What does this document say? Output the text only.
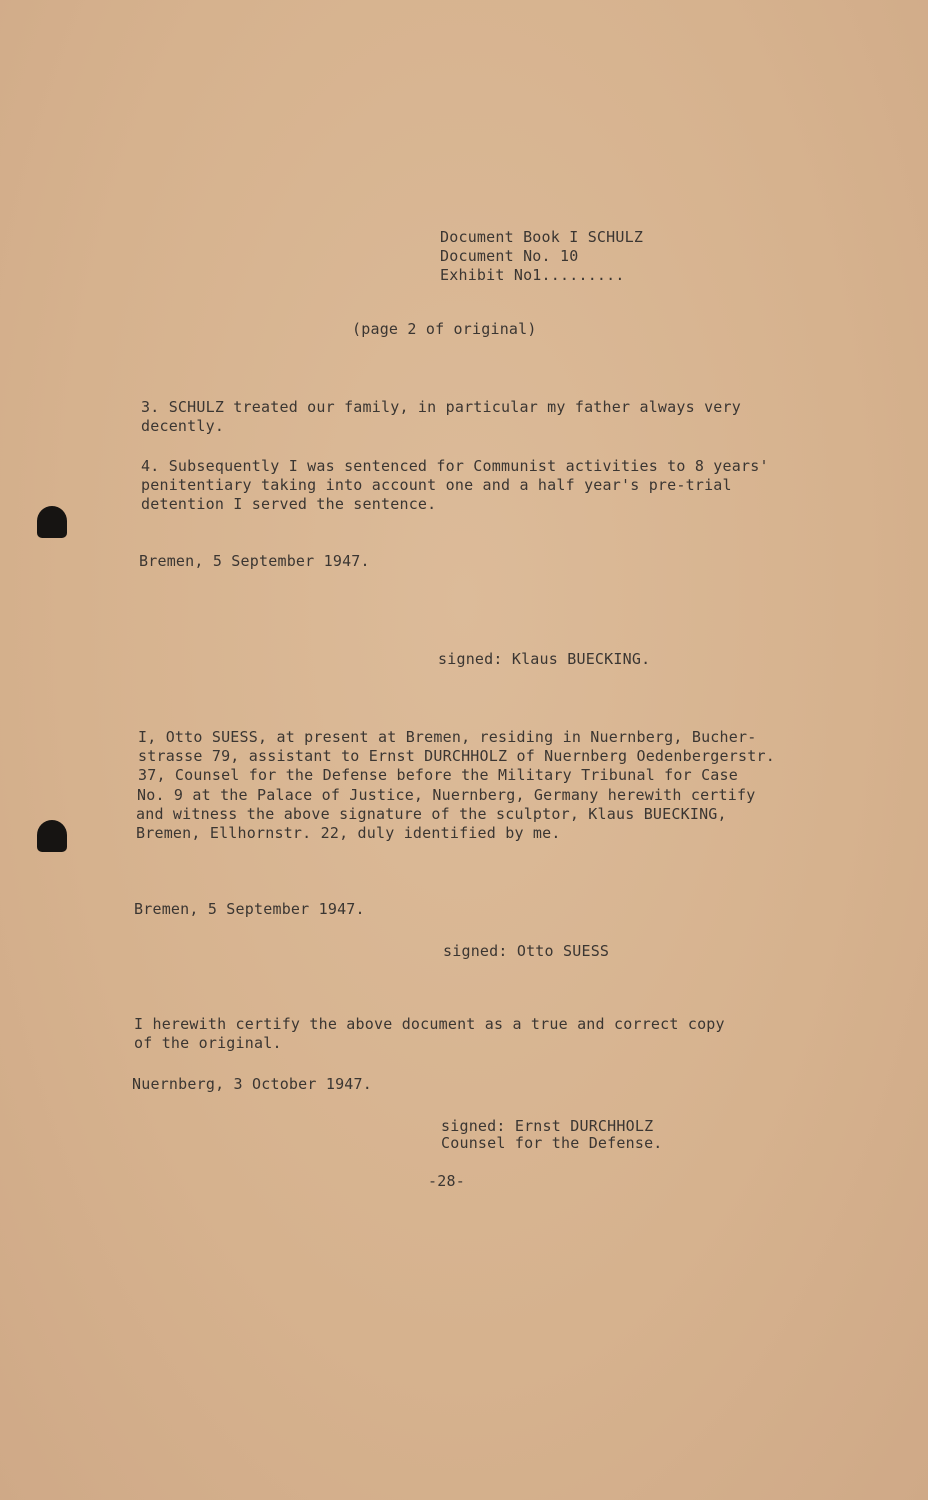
Document Book I SCHULZ
Document No. 10
Exhibit No1.........
(page 2 of original)
3. SCHULZ treated our family, in particular my father always very
decently.
4. Subsequently I was sentenced for Communist activities to 8 years'
penitentiary taking into account one and a half year's pre-trial
detention I served the sentence.
Bremen, 5 September 1947.
signed: Klaus BUECKING.
I, Otto SUESS, at present at Bremen, residing in Nuernberg, Bucher-
strasse 79, assistant to Ernst DURCHHOLZ of Nuernberg Oedenbergerstr.
37, Counsel for the Defense before the Military Tribunal for Case
No. 9 at the Palace of Justice, Nuernberg, Germany herewith certify
and witness the above signature of the sculptor, Klaus BUECKING,
Bremen, Ellhornstr. 22, duly identified by me.
Bremen, 5 September 1947.
signed: Otto SUESS
I herewith certify the above document as a true and correct copy
of the original.
Nuernberg, 3 October 1947.
signed: Ernst DURCHHOLZ
Counsel for the Defense.
-28-
